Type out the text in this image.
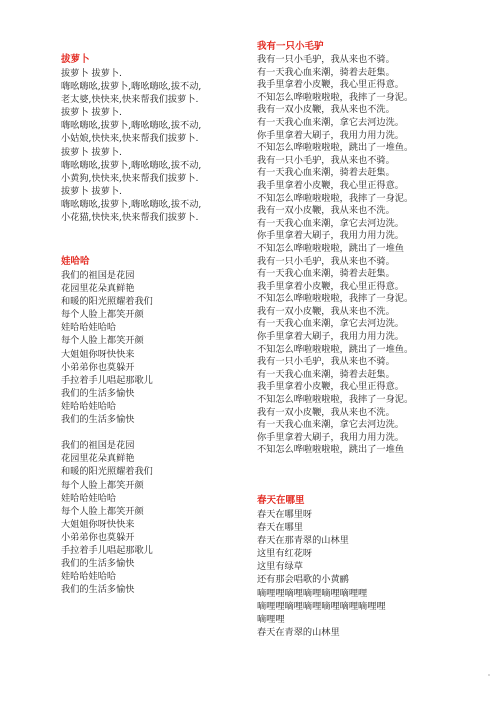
拔萝卜
拔萝卜 拔萝卜.
嗨吆嗨吆,拔萝卜,嗨吆嗨吆,拔不动,
老太婆,快快来,快来帮我们拔萝卜.
拔萝卜 拔萝卜.
嗨吆嗨吆,拔萝卜,嗨吆嗨吆,拔不动,
小姑娘,快快来,快来帮我们拔萝卜.
拔萝卜 拔萝卜.
嗨吆嗨吆,拔萝卜,嗨吆嗨吆,拔不动,
小黄狗,快快来,快来帮我们拔萝卜.
拔萝卜 拔萝卜.
嗨吆嗨吆,拔萝卜,嗨吆嗨吆,拔不动,
小花猫,快快来,快来帮我们拔萝卜.
娃哈哈
我们的祖国是花园
花园里花朵真鲜艳
和暖的阳光照耀着我们
每个人脸上都笑开颜
娃哈哈娃哈哈
每个人脸上都笑开颜
大姐姐你呀快快来
小弟弟你也莫躲开
手拉着手儿唱起那歌儿
我们的生活多愉快
娃哈哈娃哈哈
我们的生活多愉快
我们的祖国是花园
花园里花朵真鲜艳
和暖的阳光照耀着我们
每个人脸上都笑开颜
娃哈哈娃哈哈
每个人脸上都笑开颜
大姐姐你呀快快来
小弟弟你也莫躲开
手拉着手儿唱起那歌儿
我们的生活多愉快
娃哈哈娃哈哈
我们的生活多愉快
我有一只小毛驴
我有一只小毛驴，我从来也不骑。
有一天我心血来潮，骑着去赶集。
我手里拿着小皮鞭，我心里正得意。
不知怎么哗啦啦啦啦，我摔了一身泥。
我有一双小皮鞭，我从来也不洗。
有一天我心血来潮，拿它去河边洗。
你手里拿着大刷子，我用力用力洗。
不知怎么哗啦啦啦啦，跳出了一堆鱼。
我有一只小毛驴，我从来也不骑。
有一天我心血来潮，骑着去赶集。
我手里拿着小皮鞭，我心里正得意。
不知怎么哗啦啦啦啦，我摔了一身泥。
我有一双小皮鞭，我从来也不洗。
有一天我心血来潮，拿它去河边洗。
你手里拿着大刷子，我用力用力洗。
不知怎么哗啦啦啦啦，跳出了一堆鱼
我有一只小毛驴，我从来也不骑。
有一天我心血来潮，骑着去赶集。
我手里拿着小皮鞭，我心里正得意。
不知怎么哗啦啦啦啦，我摔了一身泥。
我有一双小皮鞭，我从来也不洗。
有一天我心血来潮，拿它去河边洗。
你手里拿着大刷子，我用力用力洗。
不知怎么哗啦啦啦啦，跳出了一堆鱼。
我有一只小毛驴，我从来也不骑。
有一天我心血来潮，骑着去赶集。
我手里拿着小皮鞭，我心里正得意。
不知怎么哗啦啦啦啦，我摔了一身泥。
我有一双小皮鞭，我从来也不洗。
有一天我心血来潮，拿它去河边洗。
你手里拿着大刷子，我用力用力洗。
不知怎么哗啦啦啦啦，跳出了一堆鱼
春天在哪里
春天在哪里呀
春天在哪里
春天在那青翠的山林里
这里有红花呀
这里有绿草
还有那会唱歌的小黄鹂
嘀哩哩嘀哩嘀哩嘀哩嘀哩哩
嘀哩哩嘀哩嘀哩嘀哩嘀哩嘀哩哩
嘀哩哩
春天在青翠的山林里
